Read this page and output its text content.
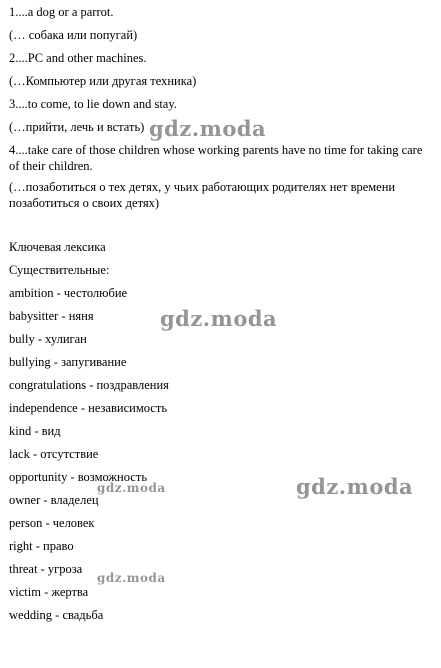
1....a dog or a parrot.
(… собака или попугай)
2....PC and other machines.
(…Компьютер или другая техника)
3....to come, to lie down and stay.
(…прийти, лечь и встать)
4....take care of those children whose working parents have no time for taking care of their children.
(…позаботиться о тех детях, у чьих работающих родителях нет времени позаботиться о своих детях)
Ключевая лексика
Существительные:
ambition - честолюбие
babysitter - няня
bully - хулиган
bullying - запугивание
congratulations - поздравления
independence - независимость
kind - вид
lack - отсутствие
opportunity - возможность
owner - владелец
person - человек
right - право
threat - угроза
victim - жертва
wedding - свадьба
gdz.moda
gdz.moda
gdz.moda
gdz.moda
gdz.moda
